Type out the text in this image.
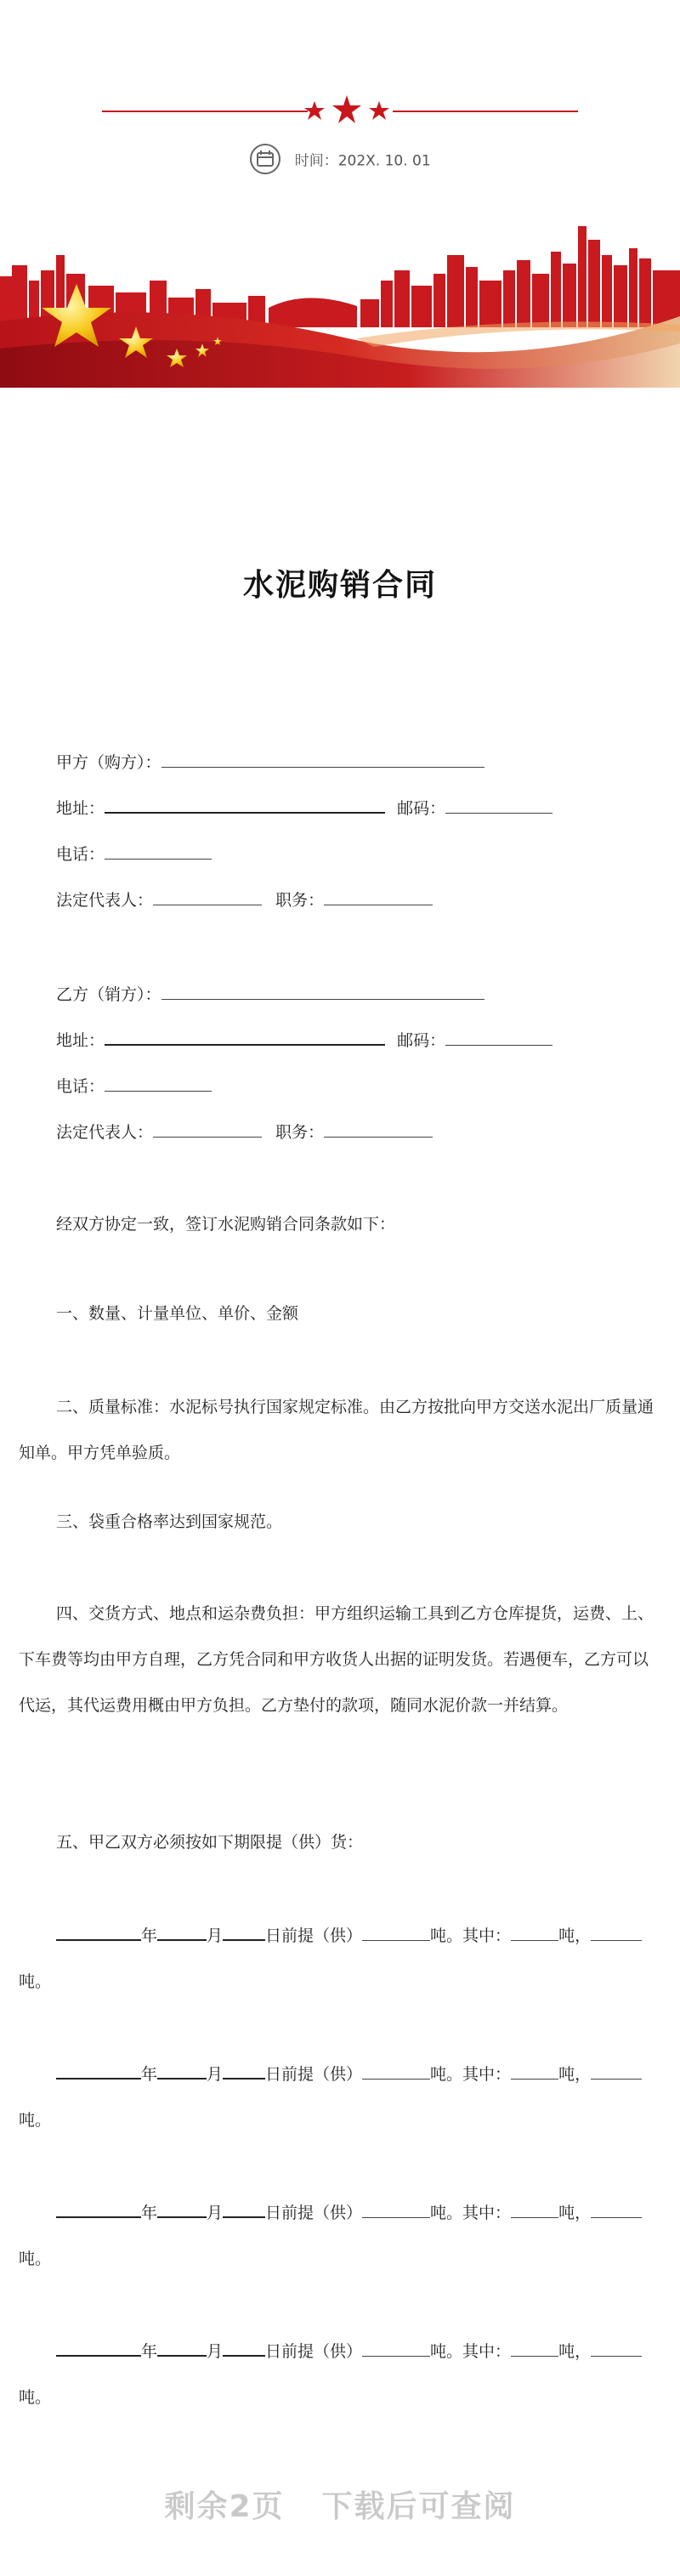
时间：202X. 10. 01
水泥购销合同
甲方（购方）：
地址：	邮码：
电话：
法定代表人：	职务：
乙方（销方）：
地址：	邮码：
电话：
法定代表人：	职务：
经双方协定一致，签订水泥购销合同条款如下：
一、数量、计量单位、单价、金额
二、质量标准：水泥标号执行国家规定标准。由乙方按批向甲方交送水泥出厂质量通知单。甲方凭单验质。
三、袋重合格率达到国家规范。
四、交货方式、地点和运杂费负担：甲方组织运输工具到乙方仓库提货，运费、上、下车费等均由甲方自理，乙方凭合同和甲方收货人出据的证明发货。若遇便车，乙方可以代运，其代运费用概由甲方负担。乙方垫付的款项，随同水泥价款一并结算。
五、甲乙双方必须按如下期限提（供）货：
年	月	日前提（供）	吨。其中：	吨，
吨。
年	月	日前提（供）	吨。其中：	吨，
吨。
年	月	日前提（供）	吨。其中：	吨，
吨。
年	月	日前提（供）	吨。其中：	吨，
吨。
剩余2页 下载后可查阅
